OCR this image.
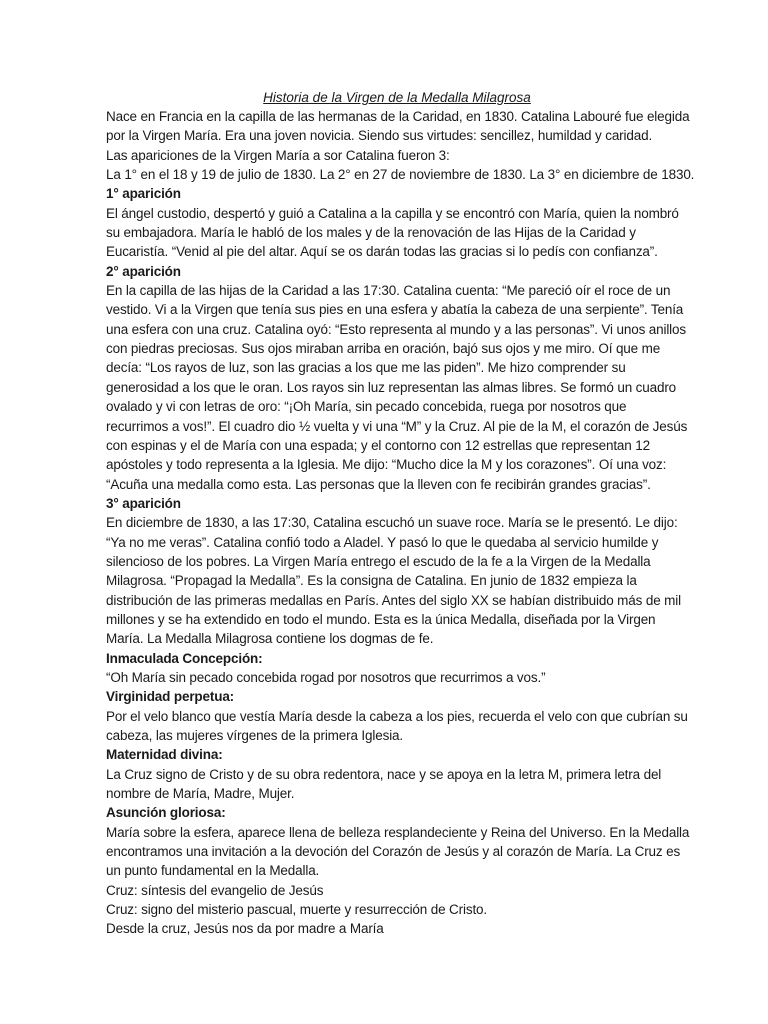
Historia de la Virgen de la Medalla Milagrosa

Nace en Francia en la capilla de las hermanas de la Caridad, en 1830. Catalina Labouré fue elegida

por la Virgen María. Era una joven novicia. Siendo sus virtudes: sencillez, humildad y caridad.

Las apariciones de la Virgen María a sor Catalina fueron 3:

La 1° en el 18 y 19 de julio de 1830. La 2° en 27 de noviembre de 1830. La 3° en diciembre de 1830.

1° aparición

El ángel custodio, despertó y guió a Catalina a la capilla y se encontró con María, quien la nombró

su embajadora. María le habló de los males y de la renovación de las Hijas de la Caridad y

Eucaristía. “Venid al pie del altar. Aquí se os darán todas las gracias si lo pedís con confianza”.

2° aparición

En la capilla de las hijas de la Caridad a las 17:30. Catalina cuenta: “Me pareció oír el roce de un

vestido. Vi a la Virgen que tenía sus pies en una esfera y abatía la cabeza de una serpiente”. Tenía

una esfera con una cruz. Catalina oyó: “Esto representa al mundo y a las personas”. Vi unos anillos

con piedras preciosas. Sus ojos miraban arriba en oración, bajó sus ojos y me miro. Oí que me

decía: “Los rayos de luz, son las gracias a los que me las piden”. Me hizo comprender su

generosidad a los que le oran. Los rayos sin luz representan las almas libres. Se formó un cuadro

ovalado y vi con letras de oro: “¡Oh María, sin pecado concebida, ruega por nosotros que

recurrimos a vos!”. El cuadro dio ½ vuelta y vi una “M” y la Cruz. Al pie de la M, el corazón de Jesús

con espinas y el de María con una espada; y el contorno con 12 estrellas que representan 12

apóstoles y todo representa a la Iglesia. Me dijo: “Mucho dice la M y los corazones”. Oí una voz:

“Acuña una medalla como esta. Las personas que la lleven con fe recibirán grandes gracias”.

3° aparición

En diciembre de 1830, a las 17:30, Catalina escuchó un suave roce. María se le presentó. Le dijo:

“Ya no me veras”. Catalina confió todo a Aladel. Y pasó lo que le quedaba al servicio humilde y

silencioso de los pobres. La Virgen María entrego el escudo de la fe a la Virgen de la Medalla

Milagrosa. “Propagad la Medalla”. Es la consigna de Catalina. En junio de 1832 empieza la

distribución de las primeras medallas en París. Antes del siglo XX se habían distribuido más de mil

millones y se ha extendido en todo el mundo. Esta es la única Medalla, diseñada por la Virgen

María. La Medalla Milagrosa contiene los dogmas de fe.

Inmaculada Concepción:

“Oh María sin pecado concebida rogad por nosotros que recurrimos a vos.”

Virginidad perpetua:

Por el velo blanco que vestía María desde la cabeza a los pies, recuerda el velo con que cubrían su

cabeza, las mujeres vírgenes de la primera Iglesia.

Maternidad divina:

La Cruz signo de Cristo y de su obra redentora, nace y se apoya en la letra M, primera letra del

nombre de María, Madre, Mujer.

Asunción gloriosa:

María sobre la esfera, aparece llena de belleza resplandeciente y Reina del Universo. En la Medalla

encontramos una invitación a la devoción del Corazón de Jesús y al corazón de María. La Cruz es

un punto fundamental en la Medalla.

Cruz: síntesis del evangelio de Jesús

Cruz: signo del misterio pascual, muerte y resurrección de Cristo.

Desde la cruz, Jesús nos da por madre a María
